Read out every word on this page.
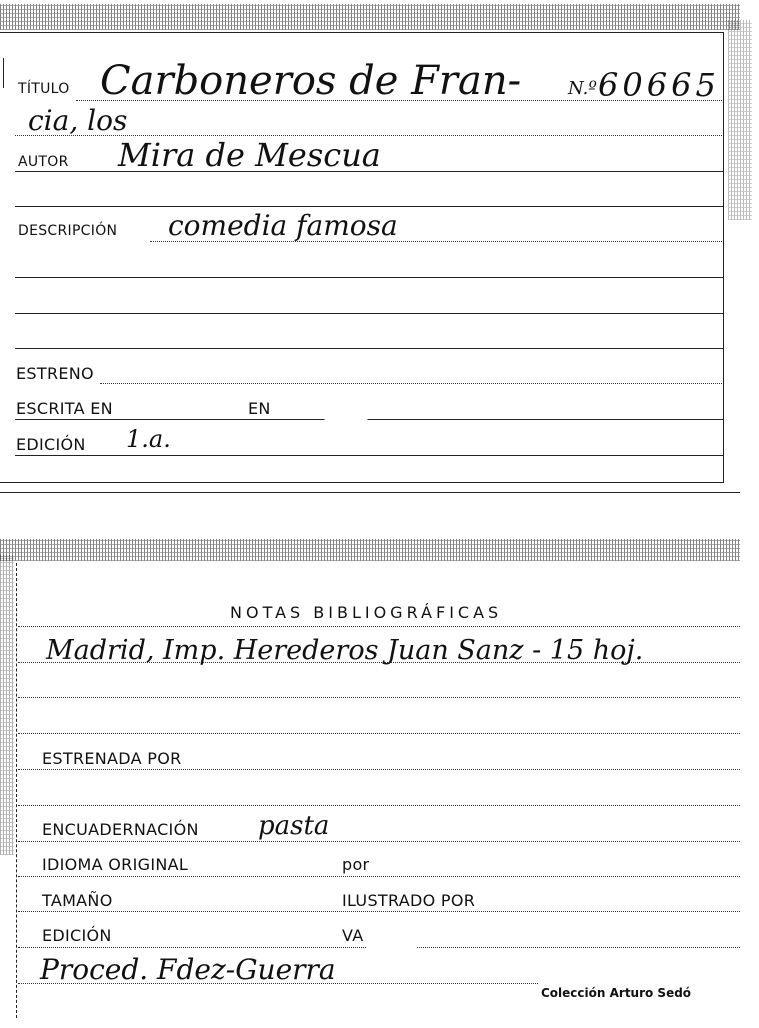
TÍTULO Carboneros de Fran-	N.º 60665
cia, los
AUTOR Mira de Mescua
DESCRIPCIÓN comedia famosa
ESTRENO
ESCRITA EN	EN
EDICIÓN 1.a.
NOTAS BIBLIOGRÁFICAS
Madrid, Imp. Herederos Juan Sanz - 15 hoj.
ESTRENADA POR
ENCUADERNACIÓN pasta
IDIOMA ORIGINAL	por
TAMAÑO	ILUSTRADO POR
EDICIÓN	VA
Proced. Fdez-Guerra
Colección Arturo Sedó
